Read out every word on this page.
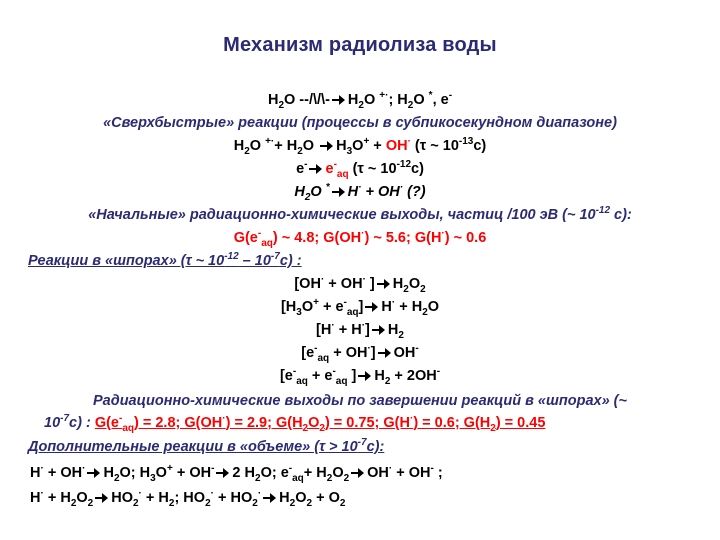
Механизм радиолиза воды
$H_2O$ --/\/\- $H_2O$ +·; $H_2O$ *, e-
«Сверхбыстрые» реакции (процессы в субпикосекундном диапазоне)
$H_2O$ $^{+\cdot}+ H_2O$ $H_3O^+ + OH^\cdot$ (τ ~ $10^{-13}c$)
e- $e^-_{aq}$ (τ ~ $10^{-12}c$)
$H_2O$ * H· + OH· (?)
«Начальные» радиационно-химические выходы, частиц /100 эВ (~ $10^{-12}$ с):
$G(e^-_{aq})$ ~ 4.8; G(OH·) ~ 5.6; G(H·) ~ 0.6
Реакции в «шпорах» (τ ~ $10^{-12} - 10^{-7}c$) :
[OH· + OH· ] $H_2O_2$
$[H_3O^+ + e^-_{aq}] H^\cdot + H_2O$
[H· + H·] $H_2$
$[e^-_{aq} + OH^\cdot]$ OH-
[$e^-_{aq} + e^-_{aq}$ ] $H_2 + 2OH^-$
Радиационно-химические выходы по завершении реакций в «шпорах» (~
$10^{-7}c$) : $G(e^-_{aq}) = 2.8$; G(OH·) = 2.9; $G(H_2O_2) = 0.75$; G(H·) = 0.6; $G(H_2) = 0.45$
Дополнительные реакции в «объеме» $(\tau > 10^{-7}c)$:
H· + OH· $H_2O$; $H_3O^+ + OH^-$ 2 $H_2O$; $e^-_{aq}+ H_2O_2$ OH· + OH- ;
$H^\cdot + H_2O_2$ $HO_2^\cdot + H_2$; $HO_2^\cdot + HO_2^\cdot$ $H_2O_2 + O_2$
